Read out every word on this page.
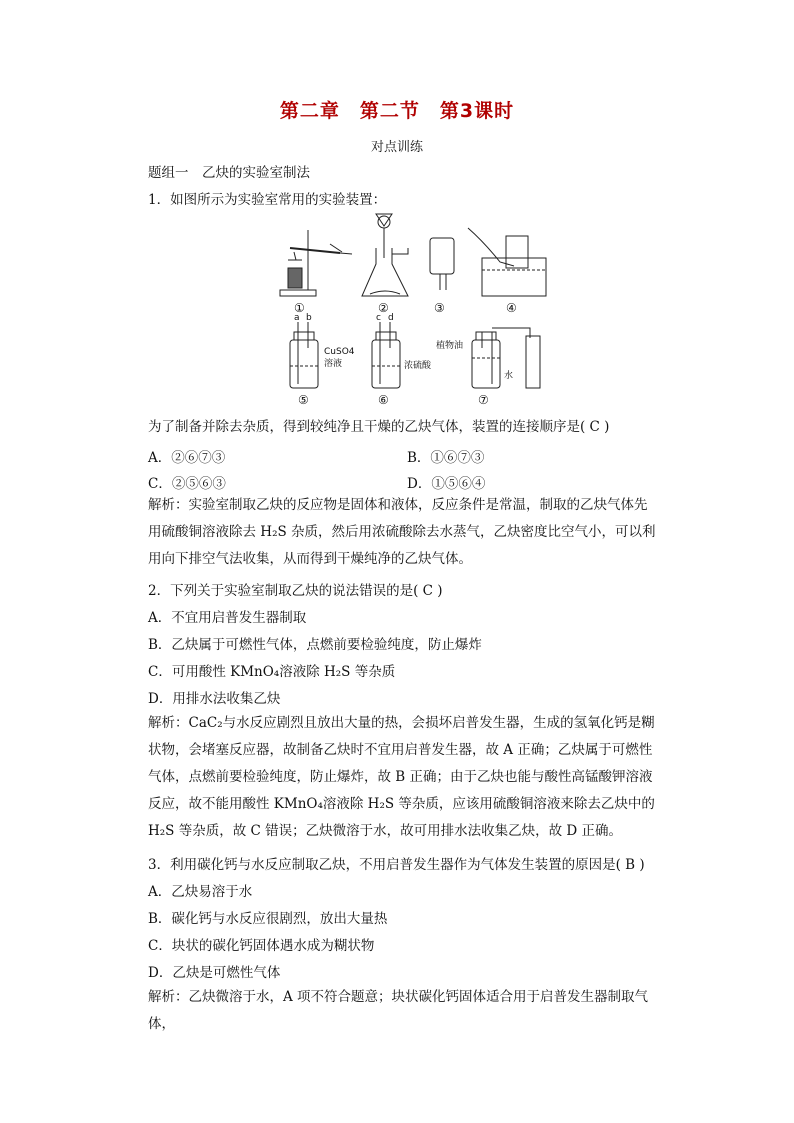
第二章　第二节　第3课时
对点训练
题组一　乙炔的实验室制法
1．如图所示为实验室常用的实验装置：
①	②	③	④
⑤	⑥	⑦
a b	c d
CuSO4
溶液	浓硫酸
植物油
水
为了制备并除去杂质，得到较纯净且干燥的乙炔气体，装置的连接顺序是( C )
A．②⑥⑦③	B．①⑥⑦③
C．②⑤⑥③	D．①⑤⑥④
解析：实验室制取乙炔的反应物是固体和液体，反应条件是常温，制取的乙炔气体先用硫酸铜溶液除去 H₂S 杂质，然后用浓硫酸除去水蒸气，乙炔密度比空气小，可以利用向下排空气法收集，从而得到干燥纯净的乙炔气体。
2．下列关于实验室制取乙炔的说法错误的是( C )
A．不宜用启普发生器制取
B．乙炔属于可燃性气体，点燃前要检验纯度，防止爆炸
C．可用酸性 KMnO₄溶液除 H₂S 等杂质
D．用排水法收集乙炔
解析：CaC₂与水反应剧烈且放出大量的热，会损坏启普发生器，生成的氢氧化钙是糊状物，会堵塞反应器，故制备乙炔时不宜用启普发生器，故 A 正确；乙炔属于可燃性气体，点燃前要检验纯度，防止爆炸，故 B 正确；由于乙炔也能与酸性高锰酸钾溶液反应，故不能用酸性 KMnO₄溶液除 H₂S 等杂质，应该用硫酸铜溶液来除去乙炔中的 H₂S 等杂质，故 C 错误；乙炔微溶于水，故可用排水法收集乙炔，故 D 正确。
3．利用碳化钙与水反应制取乙炔，不用启普发生器作为气体发生装置的原因是( B )
A．乙炔易溶于水
B．碳化钙与水反应很剧烈，放出大量热
C．块状的碳化钙固体遇水成为糊状物
D．乙炔是可燃性气体
解析：乙炔微溶于水，A 项不符合题意；块状碳化钙固体适合用于启普发生器制取气体，
